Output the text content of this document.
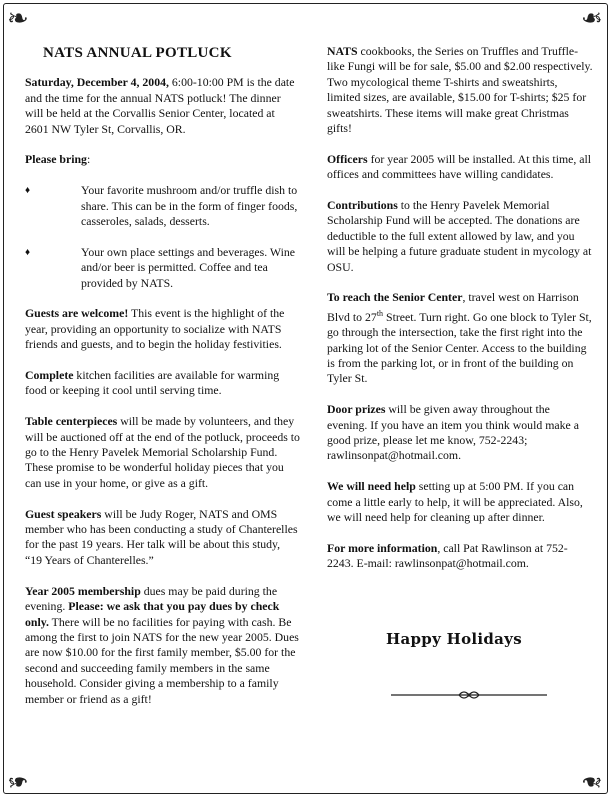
❧	❧
❧	❧
NATS ANNUAL POTLUCK

Saturday, December 4, 2004, 6:00-10:00 PM is the date and the time for the annual NATS potluck! The dinner will be held at the Corvallis Senior Center, located at 2601 NW Tyler St, Corvallis, OR.

Please bring:

♦	Your favorite mushroom and/or truffle dish to share. This can be in the form of finger foods, casseroles, salads, desserts.
♦	Your own place settings and beverages. Wine and/or beer is permitted. Coffee and tea provided by NATS.

Guests are welcome! This event is the highlight of the year, providing an opportunity to socialize with NATS friends and guests, and to begin the holiday festivities.

Complete kitchen facilities are available for warming food or keeping it cool until serving time.

Table centerpieces will be made by volunteers, and they will be auctioned off at the end of the potluck, proceeds to go to the Henry Pavelek Memorial Scholarship Fund. These promise to be wonderful holiday pieces that you can use in your home, or give as a gift.

Guest speakers will be Judy Roger, NATS and OMS member who has been conducting a study of Chanterelles for the past 19 years. Her talk will be about this study, “19 Years of Chanterelles.”

Year 2005 membership dues may be paid during the evening. Please: we ask that you pay dues by check only. There will be no facilities for paying with cash. Be among the first to join NATS for the new year 2005. Dues are now $10.00 for the first family member, $5.00 for the second and succeeding family members in the same household. Consider giving a membership to a family member or friend as a gift!

NATS cookbooks, the Series on Truffles and Truffle-like Fungi will be for sale, $5.00 and $2.00 respectively. Two mycological theme T-shirts and sweatshirts, limited sizes, are available, $15.00 for T-shirts; $25 for sweatshirts. These items will make great Christmas gifts!

Officers for year 2005 will be installed. At this time, all offices and committees have willing candidates.

Contributions to the Henry Pavelek Memorial Scholarship Fund will be accepted. The donations are deductible to the full extent allowed by law, and you will be helping a future graduate student in mycology at OSU.

To reach the Senior Center, travel west on Harrison Blvd to 27th Street. Turn right. Go one block to Tyler St, go through the intersection, take the first right into the parking lot of the Senior Center. Access to the building is from the parking lot, or in front of the building on Tyler St.

Door prizes will be given away throughout the evening. If you have an item you think would make a good prize, please let me know, 752-2243; rawlinsonpat@hotmail.com.

We will need help setting up at 5:00 PM. If you can come a little early to help, it will be appreciated. Also, we will need help for cleaning up after dinner.

For more information, call Pat Rawlinson at 752-2243. E-mail: rawlinsonpat@hotmail.com.

Happy Holidays
